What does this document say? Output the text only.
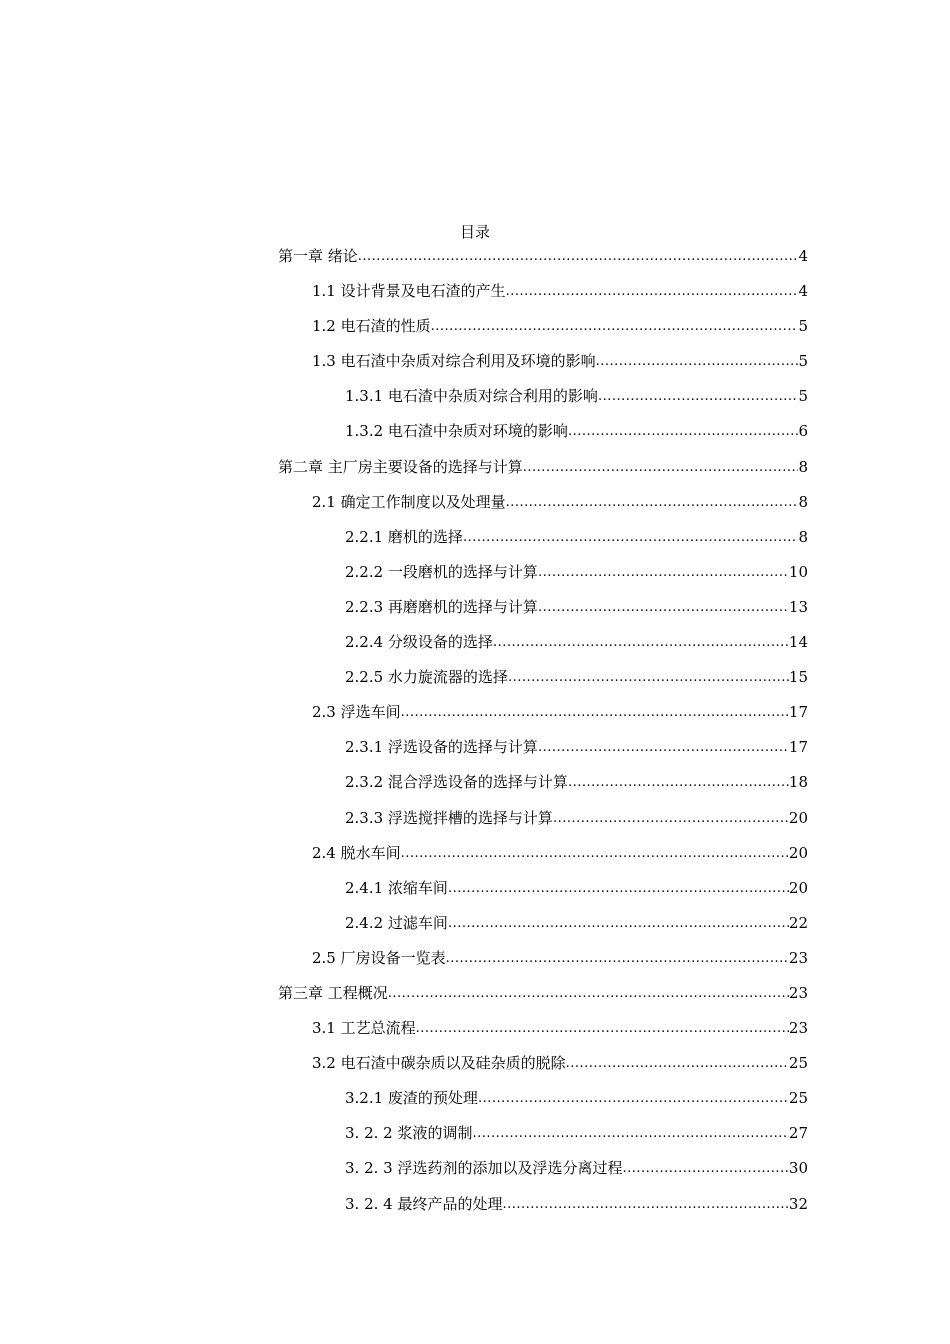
目录
第一章 绪论 .....	4
1.1 设计背景及电石渣的产生 .....	4
1.2 电石渣的性质 .....	5
1.3 电石渣中杂质对综合利用及环境的影响 .....	5
1.3.1 电石渣中杂质对综合利用的影响 .....	5
1.3.2 电石渣中杂质对环境的影响 .....	6
第二章 主厂房主要设备的选择与计算 .....	8
2.1 确定工作制度以及处理量 .....	8
2.2.1 磨机的选择 .....	8
2.2.2 一段磨机的选择与计算 .....	10
2.2.3 再磨磨机的选择与计算 .....	13
2.2.4 分级设备的选择 .....	14
2.2.5 水力旋流器的选择 .....	15
2.3 浮选车间 .....	17
2.3.1 浮选设备的选择与计算 .....	17
2.3.2 混合浮选设备的选择与计算 .....	18
2.3.3 浮选搅拌槽的选择与计算 .....	20
2.4 脱水车间 .....	20
2.4.1 浓缩车间 .....	20
2.4.2 过滤车间 .....	22
2.5 厂房设备一览表 .....	23
第三章 工程概况 .....	23
3.1 工艺总流程 .....	23
3.2 电石渣中碳杂质以及硅杂质的脱除 .....	25
3.2.1 废渣的预处理 .....	25
3. 2. 2 浆液的调制 .....	27
3. 2. 3 浮选药剂的添加以及浮选分离过程 .....	30
3. 2. 4 最终产品的处理 .....	32
